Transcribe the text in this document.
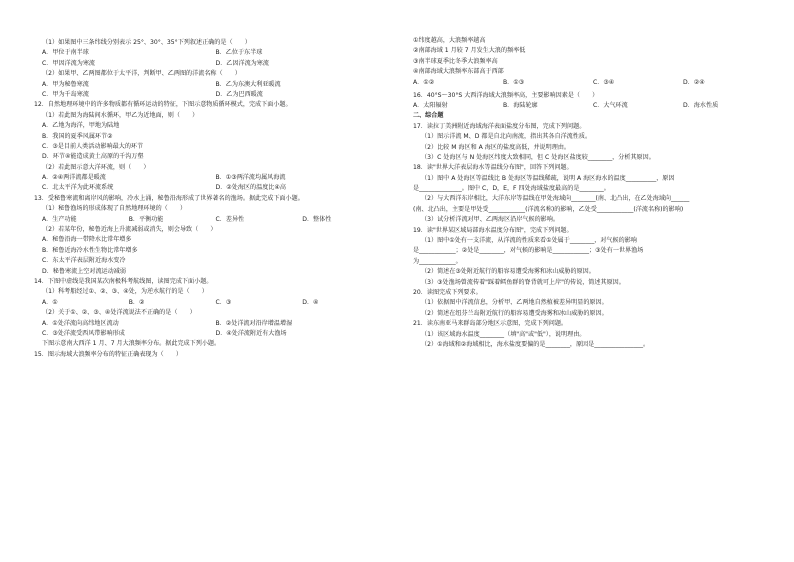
（1）如果图中三条纬线分别表示 25°、30°、35°下列叙述正确的是（　　）
A．甲位于南半球	B．乙位于东半球
C．甲因洋流为寒流	D．乙因洋流为寒流
（2）如果甲、乙两图都位于太平洋，判断甲、乙两图的洋流名称（　　）
A．甲为秘鲁寒流	B．乙为东澳大利亚暖流
C．甲为千岛寒流	D．乙为巴西暖流
12．自然地理环境中的许多物质都有循环运动的特征，下图示意物质循环模式，完成下面小题。
（1）若此图为海陆间水循环，甲乙为近地面，则（　　）
A．乙地为海洋，甲地为陆地
B．我国的夏季风属环节②
C．③是目前人类活动影响最大的环节
D．环节④能造成黄土高原的千沟万壑
（2）若此图示意大洋环流，则（　　）
A．②④两洋流都是暖流	B．①③两洋流均属风海流
C．北太平洋为此环流系统	D．②处海区的温度比④高
13．受秘鲁寒流和离岸风的影响，冷水上涌，秘鲁沿海形成了世界著名的渔场。据此完成下面小题。
（1）秘鲁渔场的形成体现了自然地理环境的（　　）
A．生产功能	B．平衡功能	C．差异性	D．整体性
（2）若某年份，秘鲁近海上升流减弱或消失，则会导致（　　）
A．秘鲁沿海一带降水比常年增多
B．秘鲁近海冷水性生物比常年增多
C．东太平洋表层附近海水变冷
D．秘鲁寒流上空对流运动减弱
14．下图中虚线是我国某次南极科考航线图，读图完成下面小题。
（1）科考船经过①、②、③、④处，为逆水航行的是（　　）
A．①	B．②	C．③	D．④
（2）关于①、②、③、④处洋流说法不正确的是（　　）
A．①处洋流向高纬地区流动	B．②处洋流对沿岸增温增湿
C．③处洋流受西风带影响形成	D．④处洋流附近有大渔场
下图示意南大西洋 1 月、7 月大浪频率分布。据此完成下列小题。
15．图示海域大浪频率分布的特征正确表现为（　　）
①纬度越高，大浪频率越高
②南部海域 1 月较 7 月发生大浪的频率低
③南半球夏季比冬季大浪频率高
④南部海域大浪频率东部高于西部
A．①②	B．①③	C．③④	D．②④
16．40°S～30°S 大西洋海域大浪频率高，主要影响因素是（　　）
A．太阳辐射	B．海陆轮廓	C．大气环流	D．海水性质
二、综合题
17．读拉丁美洲附近海域海洋表面盐度分布图，完成下列问题。
（1）图示洋流 M、D 都是自北向南流，指出其各自洋流性质。
（2）比较 M 海区和 A 海区的盐度高低，并说明理由。
（3）C 处海区与 N 处海区纬度大致相同，但 C 处海区盐度较________，分析其原因。
18．读"世界大洋表层海水等温线分布图"，回答下列问题。
（1）图中 A 处海区等温线比 B 处海区等温线稀疏，说明 A 海区海水的温度__________，原因
是______________。图中 C，D，E，F 四处海域盐度最高的是________。
（2）与大西洋东岸相比，大洋东岸等温线在甲处海域向________(南、北凸出，在乙处海域向______
(南、北凸出，主要是甲处受____________(洋流名称)的影响，乙处受____________(洋流名称)的影响)
（3）试分析洋流对甲、乙两海区沿岸气候的影响。
19．读"世界某区域局部海水温度分布图"，完成下列问题。
（1）图中①处有一支洋流，从洋流的性质来看①处属于________，对气候的影响
是____________；②处是________，对气候的影响是____________；③处有一世界渔场
为____________。
（2）简述在③处附近航行的船容易遭受海雾和冰山威胁的原因。
（3）③处渔场曾流传着"踩着鳕鱼群的脊背就可上岸"的传说，简述其原因。
20．读图完成下列要求。
（1）依据图中洋流信息，分析甲、乙两地自然植被差异明显的原因。
（2）简述在纽芬兰岛附近航行的船容易遭受海雾和冰山威胁的原因。
21．读东南亚马来群岛部分地区示意图，完成下列问题。
（1）该区域海水温度________（填"高"或"低"），说明理由。
（2）①海域和②海域相比，海水盐度要偏的是________，原因是________________。
